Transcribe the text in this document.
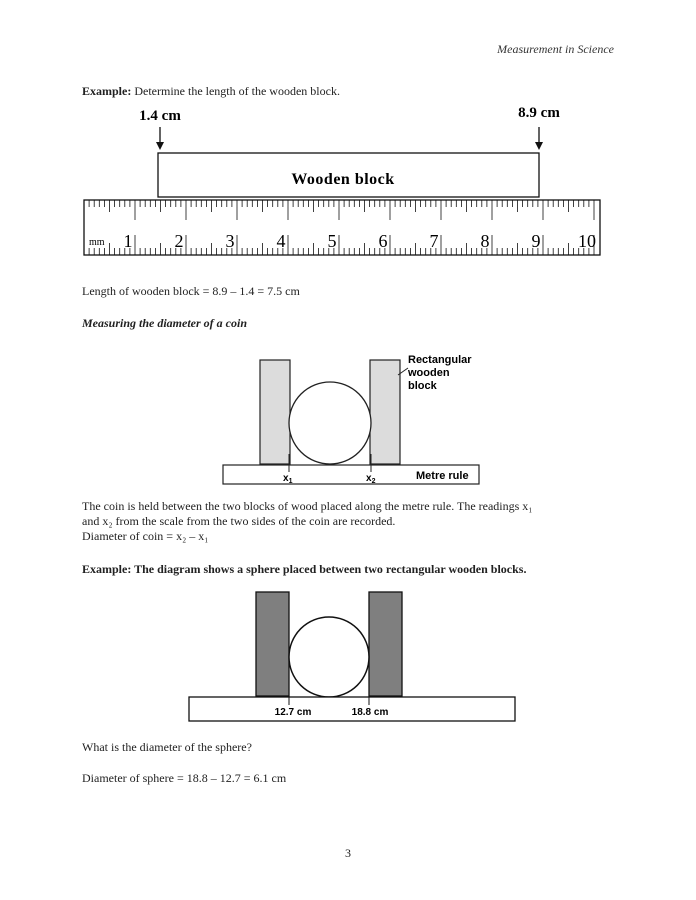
Measurement in Science
Example: Determine the length of the wooden block.
1.4 cm	8.9 cm
Wooden block
1 2 3 4 5 6 7 8 9 10
mm
Length of wooden block = 8.9 – 1.4 = 7.5 cm
Measuring the diameter of a coin
$x_1$	$x_2$	Metre rule
Rectangular
wooden
block
The coin is held between the two blocks of wood placed along the metre rule. The readings x₁
and x₂ from the scale from the two sides of the coin are recorded.
Diameter of coin = x₂ – x₁
Example: The diagram shows a sphere placed between two rectangular wooden blocks.
12.7 cm	18.8 cm
What is the diameter of the sphere?
Diameter of sphere = 18.8 – 12.7 = 6.1 cm
3
